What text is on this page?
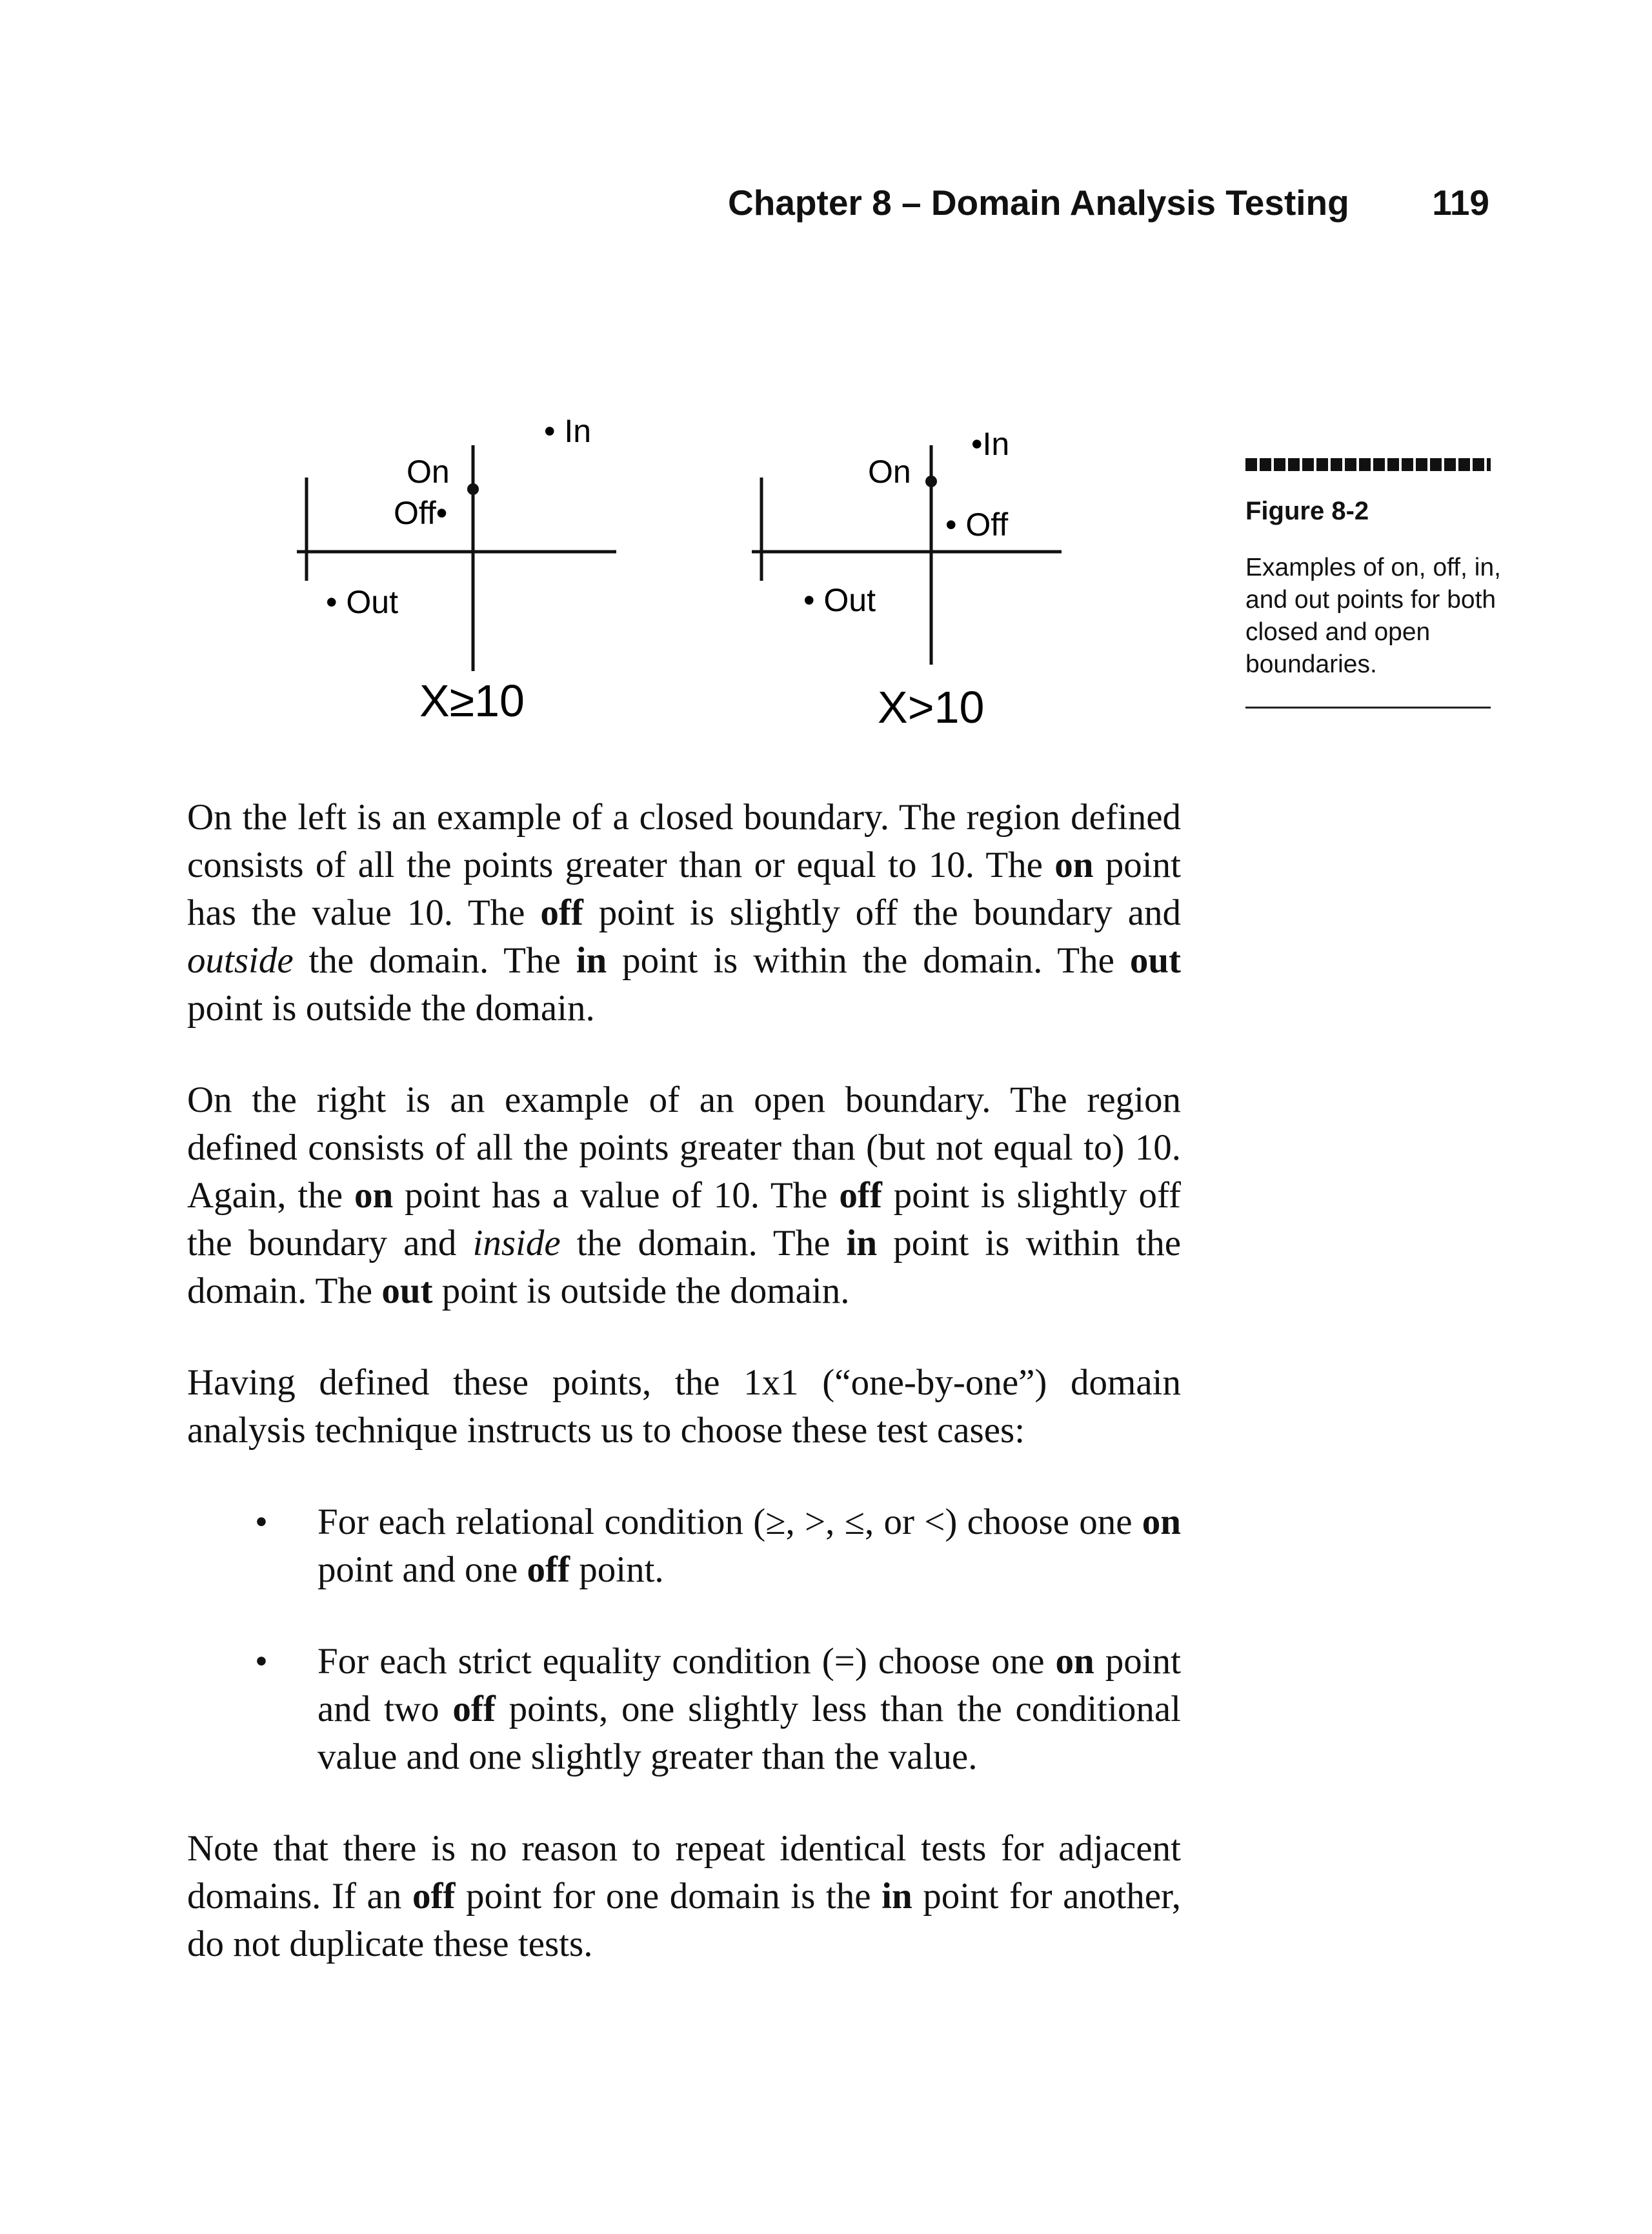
Chapter 8 – Domain Analysis Testing 119
• In
On
Off•
• Out
X≥10
•In
On
• Off
• Out
X>10
Figure 8-2
Examples of on, off, in, and out points for both closed and open boundaries.

On the left is an example of a closed boundary. The region defined consists of all the points greater than or equal to 10. The on point has the value 10. The off point is slightly off the boundary and outside the domain. The in point is within the domain. The out point is outside the domain.

On the right is an example of an open boundary. The region defined consists of all the points greater than (but not equal to) 10. Again, the on point has a value of 10. The off point is slightly off the boundary and inside the domain. The in point is within the domain. The out point is outside the domain.

Having defined these points, the 1x1 (“one-by-one”) domain analysis technique instructs us to choose these test cases:

• For each relational condition (≥, >, ≤, or <) choose one on point and one off point.
• For each strict equality condition (=) choose one on point and two off points, one slightly less than the conditional value and one slightly greater than the value.

Note that there is no reason to repeat identical tests for adjacent domains. If an off point for one domain is the in point for another, do not duplicate these tests.
